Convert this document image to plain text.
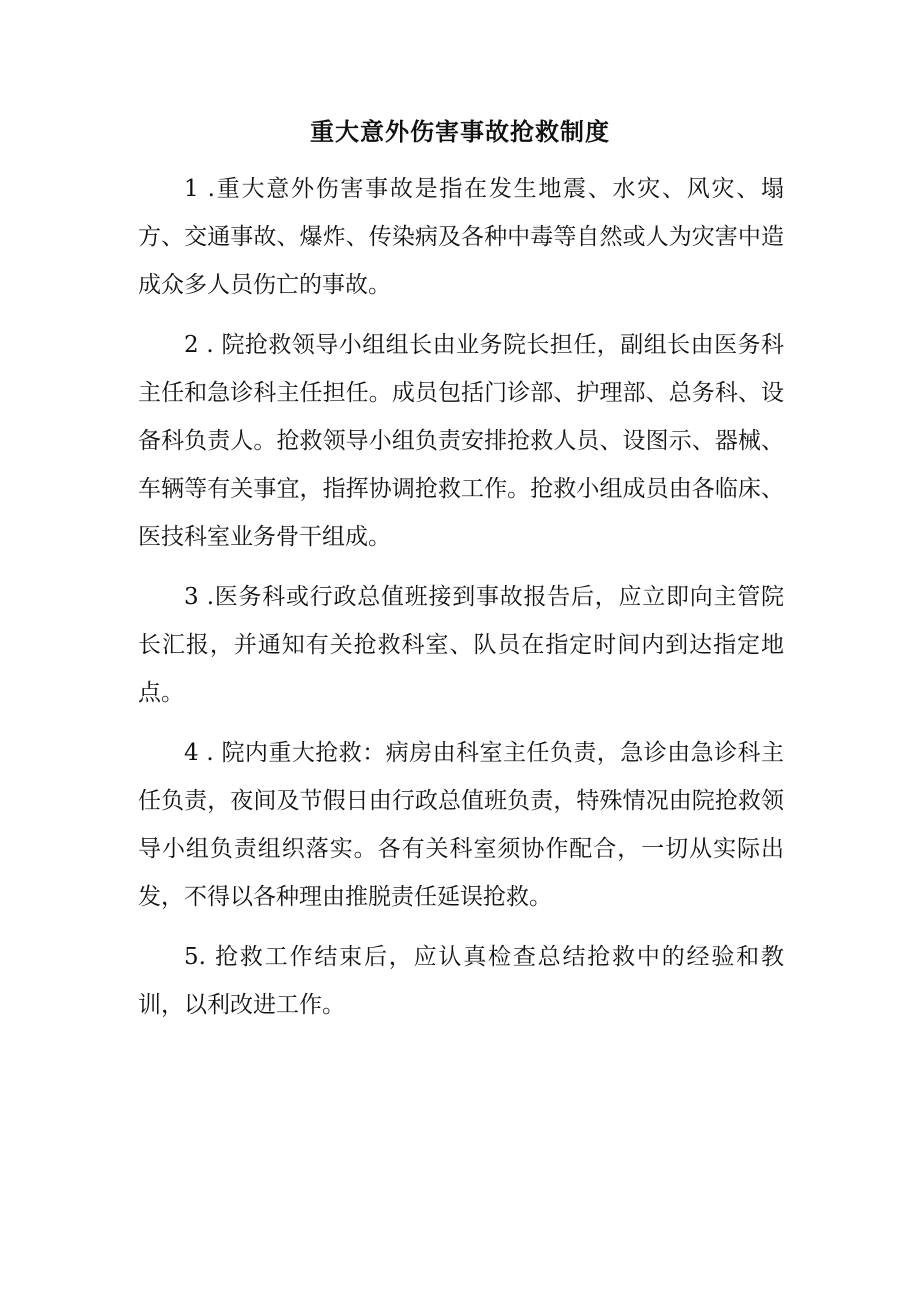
重大意外伤害事故抢救制度

1 .重大意外伤害事故是指在发生地震、水灾、风灾、塌方、交通事故、爆炸、传染病及各种中毒等自然或人为灾害中造成众多人员伤亡的事故。

2 . 院抢救领导小组组长由业务院长担任，副组长由医务科主任和急诊科主任担任。成员包括门诊部、护理部、总务科、设备科负责人。抢救领导小组负责安排抢救人员、设图示、器械、车辆等有关事宜，指挥协调抢救工作。抢救小组成员由各临床、医技科室业务骨干组成。

3 .医务科或行政总值班接到事故报告后，应立即向主管院长汇报，并通知有关抢救科室、队员在指定时间内到达指定地点。

4 . 院内重大抢救：病房由科室主任负责，急诊由急诊科主任负责，夜间及节假日由行政总值班负责，特殊情况由院抢救领导小组负责组织落实。各有关科室须协作配合，一切从实际出发，不得以各种理由推脱责任延误抢救。

5. 抢救工作结束后，应认真检查总结抢救中的经验和教训，以利改进工作。
